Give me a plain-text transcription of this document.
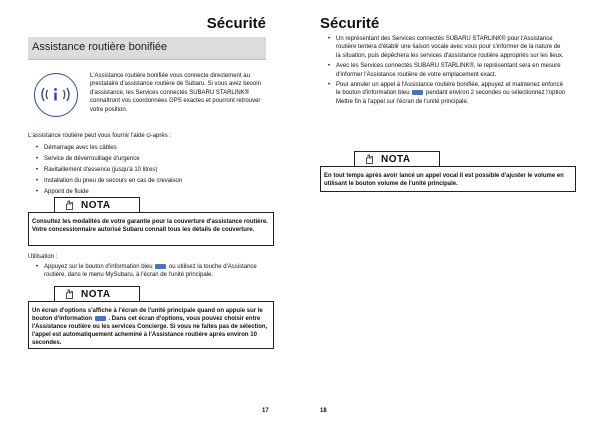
Sécurité
Assistance routière bonifiée
L'Assistance routière bonifiée vous connecte directement au prestataire d'assistance routière de Subaru. Si vous avez besoin d'assistance, les Services connectés SUBARU STARLINK® connaîtront vos coordonnées GPS exactes et pourront retrouver votre position.
L'assistance routière peut vous fournir l'aide ci-après :
• Démarrage avec les câbles
• Service de déverrouillage d'urgence
• Ravitaillement d'essence (jusqu'à 10 litres)
• Installation du pneu de secours en cas de crevaison
• Appoint de fluide
NOTA
Consultez les modalités de votre garantie pour la couverture d'assistance routière. Votre concessionnaire autorisé Subaru connaît tous les détails de couverture.
Utilisation :
• Appuyez sur le bouton d'information bleu	ou utilisez la touche d'Assistance routière, dans le menu MySubaru, à l'écran de l'unité principale.
NOTA
Un écran d'options s'affiche à l'écran de l'unité principale quand on appuie sur le bouton d'information	. Dans cet écran d'options, vous pouvez choisir entre l'Assistance routière ou les services Concierge. Si vous ne faites pas de sélection, l'appel est automatiquement acheminé à l'Assistance routière après environ 10 secondes.
17
Sécurité
• Un représentant des Services connectés SUBARU STARLINK® pour l'Assistance routière tentera d'établir une liaison vocale avec vous pour s'informer de la nature de la situation, puis dépêchera les services d'assistance routière appropriés sur les lieux.
• Avec les Services connectés SUBARU STARLINK®, le représentant sera en mesure d'informer l'Assistance routière de votre emplacement exact.
• Pour annuler un appel à l'Assistance routière bonifiée, appuyez et maintenez enfoncé le bouton d'information bleu	pendant environ 2 secondes ou sélectionnez l'option Mettre fin à l'appel sur l'écran de l'unité principale.
NOTA
En tout temps après avoir lancé un appel vocal il est possible d'ajuster le volume en utilisant le bouton volume de l'unité principale.
18
